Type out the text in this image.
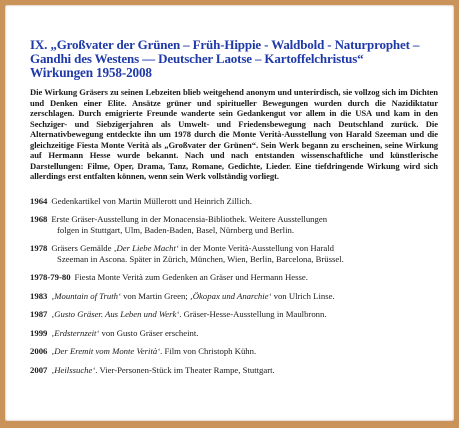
IX. „Großvater der Grünen – Früh-Hippie - Waldbold - Naturprophet –
Gandhi des Westens — Deutscher Laotse – Kartoffelchristus“
Wirkungen 1958-2008

Die Wirkung Gräsers zu seinen Lebzeiten blieb weitgehend anonym und unterirdisch, sie vollzog sich im Dichten und Denken einer Elite. Ansätze grüner und spiritueller Bewegungen wurden durch die Nazidiktatur zerschlagen. Durch emigrierte Freunde wanderte sein Gedankengut vor allem in die USA und kam in den Sechziger- und Siebzigerjahren als Umwelt- und Friedensbewegung nach Deutschland zurück. Die Alternativbewegung entdeckte ihn um 1978 durch die Monte Verità-Ausstellung von Harald Szeeman und die gleichzeitige Fiesta Monte Verità als „Großvater der Grünen“. Sein Werk begann zu erscheinen, seine Wirkung auf Hermann Hesse wurde bekannt. Nach und nach entstanden wissenschaftliche und künstlerische Darstellungen: Filme, Oper, Drama, Tanz, Romane, Gedichte, Lieder. Eine tiefdringende Wirkung wird sich allerdings erst entfalten können, wenn sein Werk vollständig vorliegt.

1964 Gedenkartikel von Martin Müllerott und Heinrich Zillich.
1968 Erste Gräser-Ausstellung in der Monacensia-Bibliothek. Weitere Ausstellungen
folgen in Stuttgart, Ulm, Baden-Baden, Basel, Nürnberg und Berlin.
1978 Gräsers Gemälde ‚Der Liebe Macht‘ in der Monte Verità-Ausstellung von Harald
Szeeman in Ascona. Später in Zürich, München, Wien, Berlin, Barcelona, Brüssel.
1978-79-80 Fiesta Monte Verità zum Gedenken an Gräser und Hermann Hesse.
1983 ‚Mountain of Truth‘ von Martin Green; ‚Ökopax und Anarchie‘ von Ulrich Linse.
1987 ‚Gusto Gräser. Aus Leben und Werk‘. Gräser-Hesse-Ausstellung in Maulbronn.
1999 ‚Erdsternzeit‘ von Gusto Gräser erscheint.
2006 ‚Der Eremit vom Monte Verità‘. Film von Christoph Kühn.
2007 ‚Heilssuche‘. Vier-Personen-Stück im Theater Rampe, Stuttgart.
